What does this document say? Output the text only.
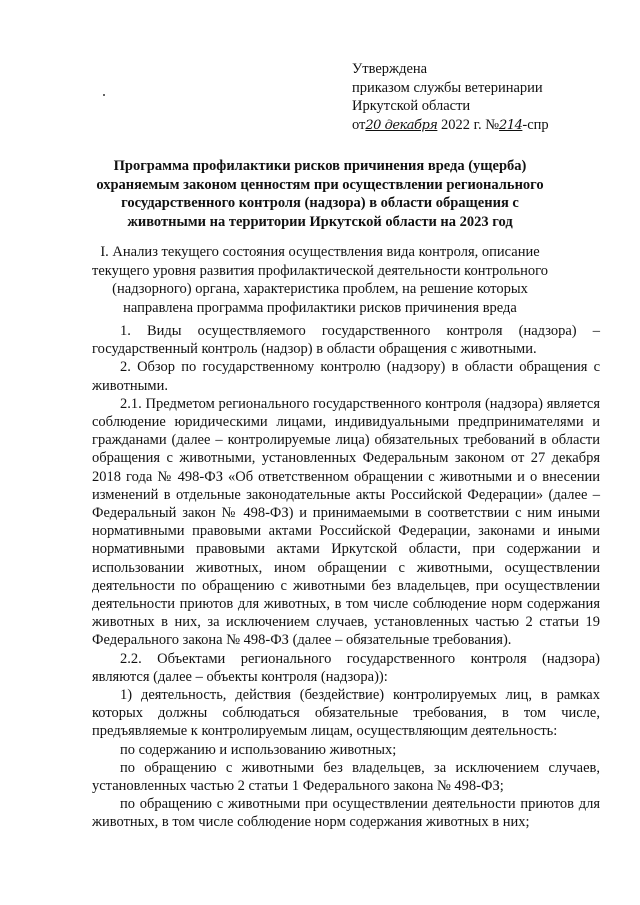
Утверждена
приказом службы ветеринарии
Иркутской области
от20 декабря 2022 г. №214-спр
Программа профилактики рисков причинения вреда (ущерба) охраняемым законом ценностям при осуществлении регионального государственного контроля (надзора) в области обращения с животными на территории Иркутской области на 2023 год
I. Анализ текущего состояния осуществления вида контроля, описание текущего уровня развития профилактической деятельности контрольного (надзорного) органа, характеристика проблем, на решение которых направлена программа профилактики рисков причинения вреда

1. Виды осуществляемого государственного контроля (надзора) – государственный контроль (надзор) в области обращения с животными.

2. Обзор по государственному контролю (надзору) в области обращения с животными.

2.1. Предметом регионального государственного контроля (надзора) является соблюдение юридическими лицами, индивидуальными предпринимателями и гражданами (далее – контролируемые лица) обязательных требований в области обращения с животными, установленных Федеральным законом от 27 декабря 2018 года № 498-ФЗ «Об ответственном обращении с животными и о внесении изменений в отдельные законодательные акты Российской Федерации» (далее – Федеральный закон № 498-ФЗ) и принимаемыми в соответствии с ним иными нормативными правовыми актами Российской Федерации, законами и иными нормативными правовыми актами Иркутской области, при содержании и использовании животных, ином обращении с животными, осуществлении деятельности по обращению с животными без владельцев, при осуществлении деятельности приютов для животных, в том числе соблюдение норм содержания животных в них, за исключением случаев, установленных частью 2 статьи 19 Федерального закона № 498-ФЗ (далее – обязательные требования).

2.2. Объектами регионального государственного контроля (надзора) являются (далее – объекты контроля (надзора)):

1) деятельность, действия (бездействие) контролируемых лиц, в рамках которых должны соблюдаться обязательные требования, в том числе, предъявляемые к контролируемым лицам, осуществляющим деятельность:

по содержанию и использованию животных;

по обращению с животными без владельцев, за исключением случаев, установленных частью 2 статьи 1 Федерального закона № 498-ФЗ;

по обращению с животными при осуществлении деятельности приютов для животных, в том числе соблюдение норм содержания животных в них;
